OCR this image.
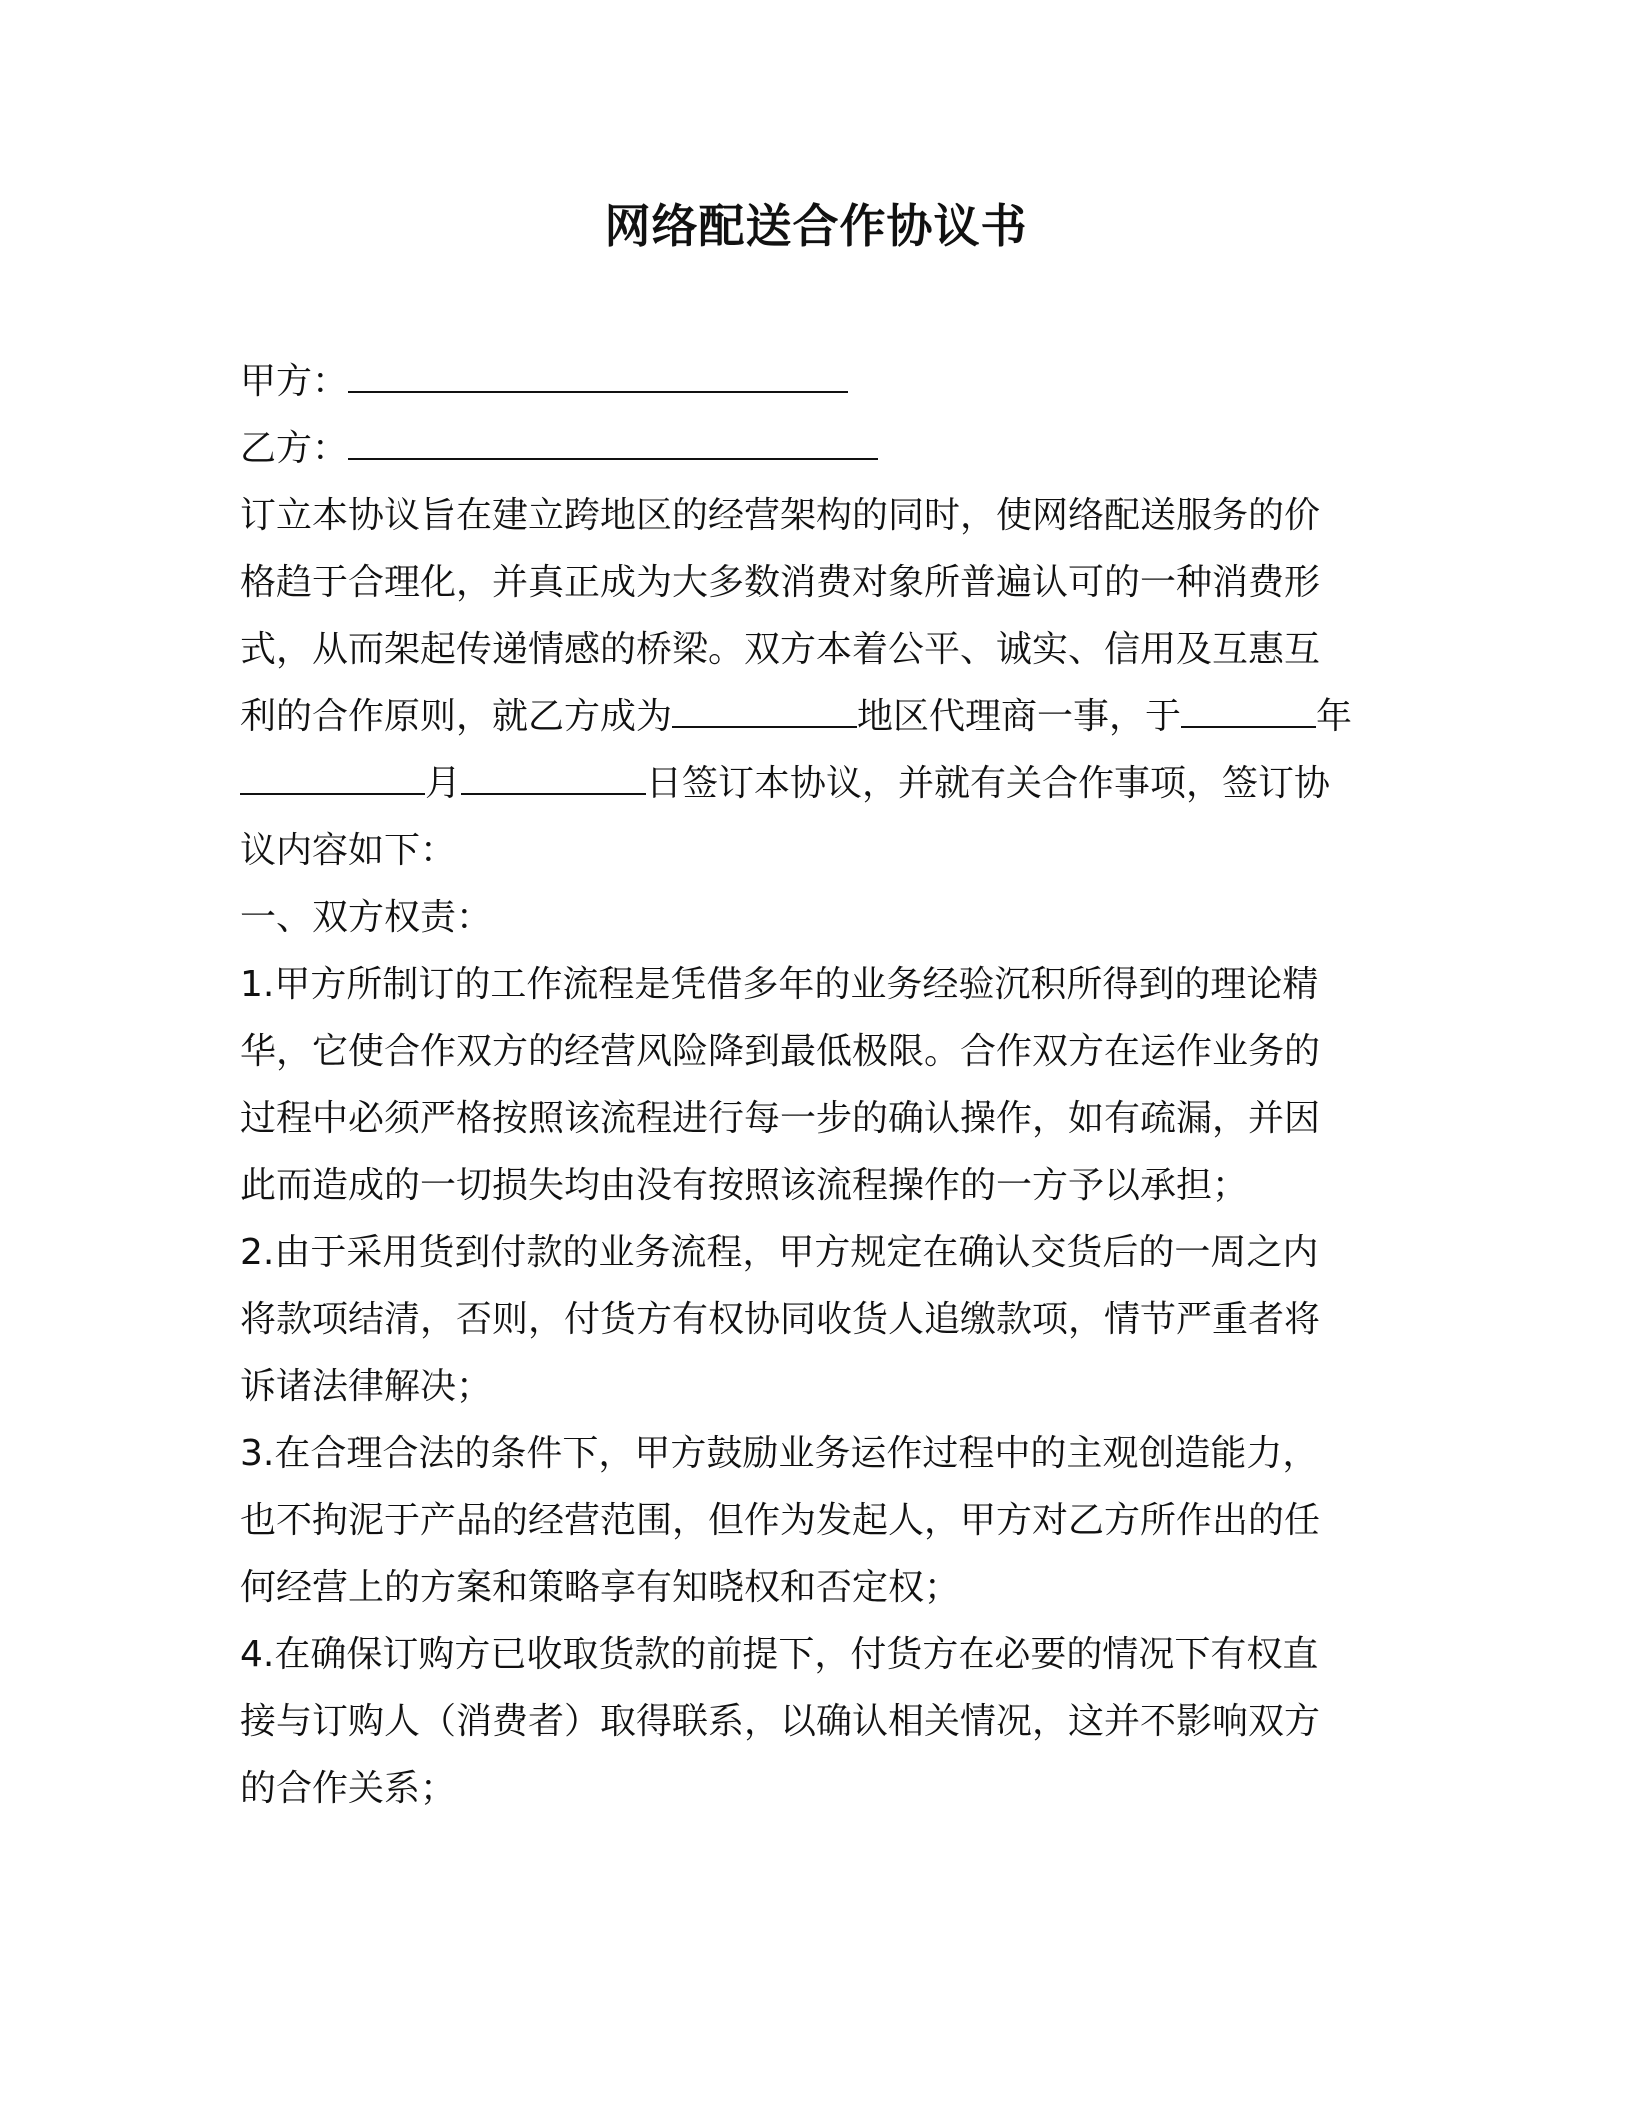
网络配送合作协议书
甲方：
乙方：
订立本协议旨在建立跨地区的经营架构的同时，使网络配送服务的价
格趋于合理化，并真正成为大多数消费对象所普遍认可的一种消费形
式，从而架起传递情感的桥梁。双方本着公平、诚实、信用及互惠互
利的合作原则，就乙方成为	地区代理商一事，于	年
月	日签订本协议，并就有关合作事项，签订协
议内容如下：
一、双方权责：
1.甲方所制订的工作流程是凭借多年的业务经验沉积所得到的理论精
华，它使合作双方的经营风险降到最低极限。合作双方在运作业务的
过程中必须严格按照该流程进行每一步的确认操作，如有疏漏，并因
此而造成的一切损失均由没有按照该流程操作的一方予以承担；
2.由于采用货到付款的业务流程，甲方规定在确认交货后的一周之内
将款项结清，否则，付货方有权协同收货人追缴款项，情节严重者将
诉诸法律解决；
3.在合理合法的条件下，甲方鼓励业务运作过程中的主观创造能力，
也不拘泥于产品的经营范围，但作为发起人，甲方对乙方所作出的任
何经营上的方案和策略享有知晓权和否定权；
4.在确保订购方已收取货款的前提下，付货方在必要的情况下有权直
接与订购人（消费者）取得联系，以确认相关情况，这并不影响双方
的合作关系；
